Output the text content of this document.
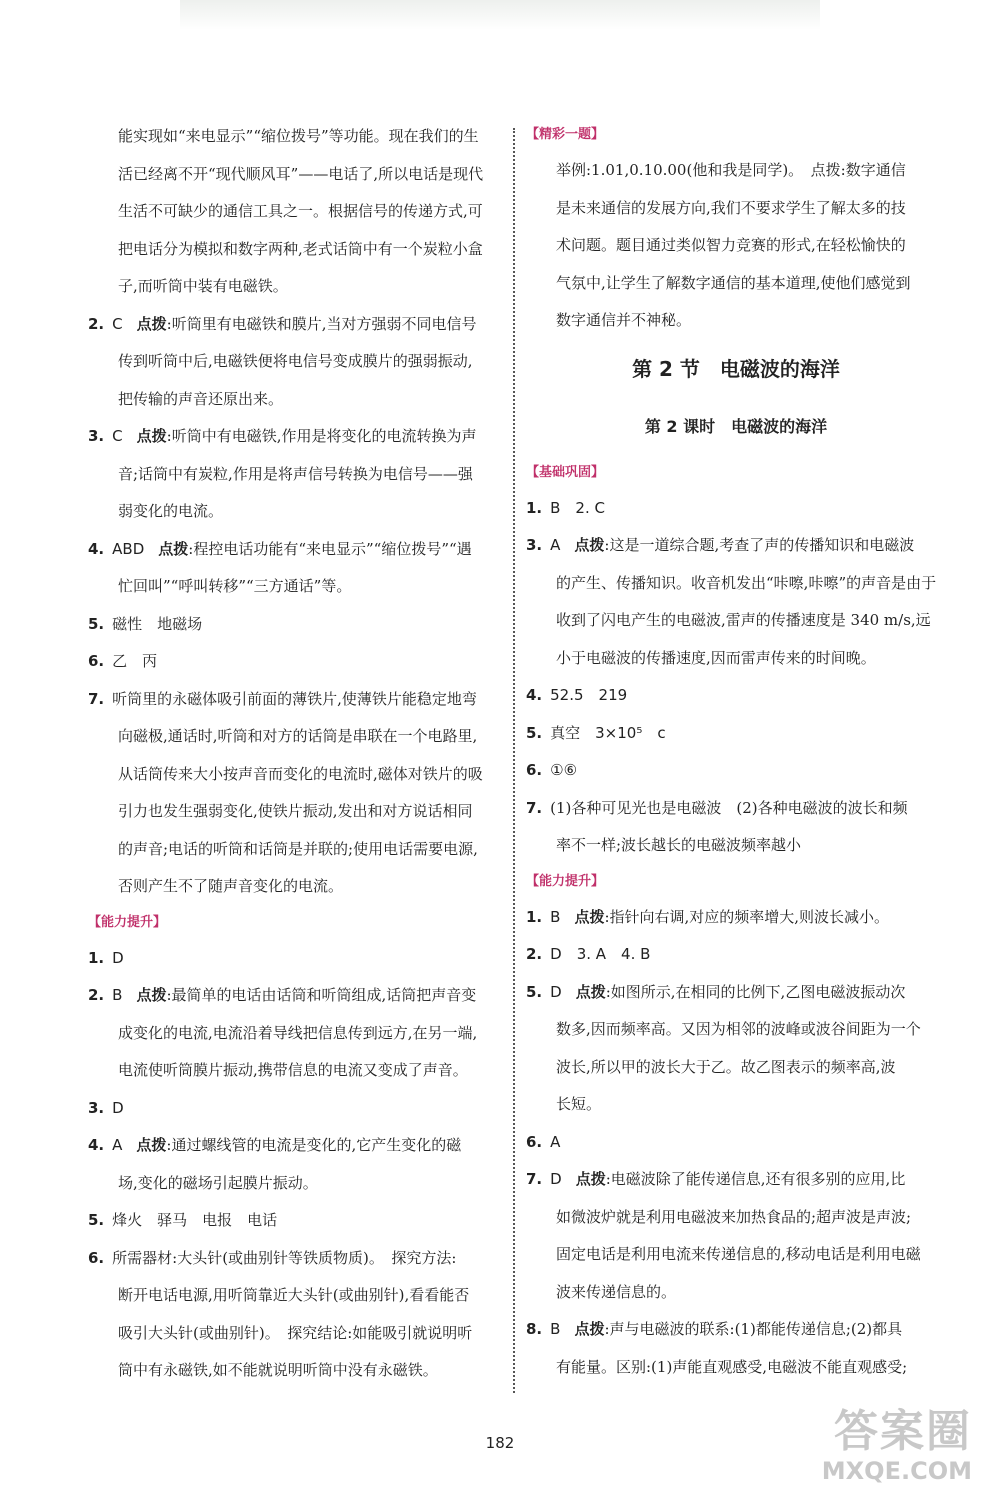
能实现如“来电显示”“缩位拨号”等功能。现在我们的生
活已经离不开“现代顺风耳”——电话了,所以电话是现代
生活不可缺少的通信工具之一。根据信号的传递方式,可
把电话分为模拟和数字两种,老式话筒中有一个炭粒小盒
子,而听筒中装有电磁铁。
2. C 点拨:听筒里有电磁铁和膜片,当对方强弱不同电信号
传到听筒中后,电磁铁便将电信号变成膜片的强弱振动,
把传输的声音还原出来。
3. C 点拨:听筒中有电磁铁,作用是将变化的电流转换为声
音;话筒中有炭粒,作用是将声信号转换为电信号——强
弱变化的电流。
4. ABD 点拨:程控电话功能有“来电显示”“缩位拨号”“遇
忙回叫”“呼叫转移”“三方通话”等。
5. 磁性　地磁场
6. 乙　丙
7. 听筒里的永磁体吸引前面的薄铁片,使薄铁片能稳定地弯
向磁极,通话时,听筒和对方的话筒是串联在一个电路里,
从话筒传来大小按声音而变化的电流时,磁体对铁片的吸
引力也发生强弱变化,使铁片振动,发出和对方说话相同
的声音;电话的听筒和话筒是并联的;使用电话需要电源,
否则产生不了随声音变化的电流。
【能力提升】
1. D
2. B 点拨:最简单的电话由话筒和听筒组成,话筒把声音变
成变化的电流,电流沿着导线把信息传到远方,在另一端,
电流使听筒膜片振动,携带信息的电流又变成了声音。
3. D
4. A 点拨:通过螺线管的电流是变化的,它产生变化的磁
场,变化的磁场引起膜片振动。
5. 烽火　驿马　电报　电话
6. 所需器材:大头针(或曲别针等铁质物质)。　探究方法:
断开电话电源,用听筒靠近大头针(或曲别针),看看能否
吸引大头针(或曲别针)。　探究结论:如能吸引就说明听
筒中有永磁铁,如不能就说明听筒中没有永磁铁。
【精彩一题】
举例:1.01,0.10.00(他和我是同学)。　点拨:数字通信
是未来通信的发展方向,我们不要求学生了解太多的技
术问题。题目通过类似智力竞赛的形式,在轻松愉快的
气氛中,让学生了解数字通信的基本道理,使他们感觉到
数字通信并不神秘。
第 2 节　电磁波的海洋
第 2 课时　电磁波的海洋
【基础巩固】
1. B　2. C
3. A 点拨:这是一道综合题,考查了声的传播知识和电磁波
的产生、传播知识。收音机发出“咔嚓,咔嚓”的声音是由于
收到了闪电产生的电磁波,雷声的传播速度是 340 m/s,远
小于电磁波的传播速度,因而雷声传来的时间晚。
4. 52.5　219
5. 真空　3×10⁵　c
6. ①⑥
7. (1)各种可见光也是电磁波　(2)各种电磁波的波长和频
率不一样;波长越长的电磁波频率越小
【能力提升】
1. B 点拨:指针向右调,对应的频率增大,则波长减小。
2. D　3. A　4. B
5. D 点拨:如图所示,在相同的比例下,乙图电磁波振动次
数多,因而频率高。又因为相邻的波峰或波谷间距为一个
波长,所以甲的波长大于乙。故乙图表示的频率高,波
长短。
6. A
7. D 点拨:电磁波除了能传递信息,还有很多别的应用,比
如微波炉就是利用电磁波来加热食品的;超声波是声波;
固定电话是利用电流来传递信息的,移动电话是利用电磁
波来传递信息的。
8. B 点拨:声与电磁波的联系:(1)都能传递信息;(2)都具
有能量。区别:(1)声能直观感受,电磁波不能直观感受;
182	答案圈
MXQE.COM
